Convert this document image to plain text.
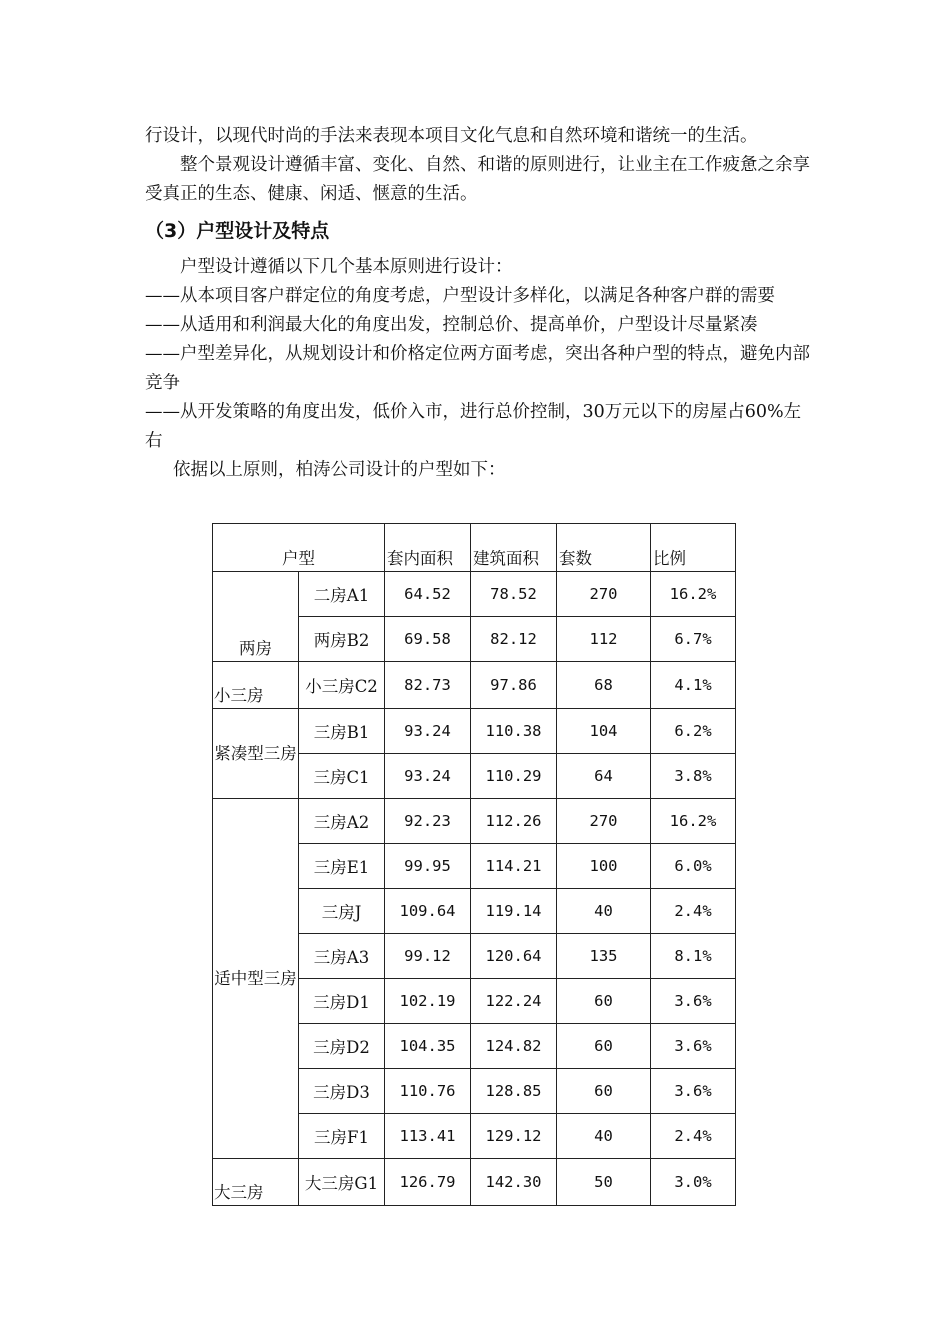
行设计，以现代时尚的手法来表现本项目文化气息和自然环境和谐统一的生活。

整个景观设计遵循丰富、变化、自然、和谐的原则进行，让业主在工作疲惫之余享受真正的生态、健康、闲适、惬意的生活。

（3）户型设计及特点

户型设计遵循以下几个基本原则进行设计：

——从本项目客户群定位的角度考虑，户型设计多样化，以满足各种客户群的需要

——从适用和利润最大化的角度出发，控制总价、提高单价，户型设计尽量紧凑

——户型差异化，从规划设计和价格定位两方面考虑，突出各种户型的特点，避免内部竞争

——从开发策略的角度出发，低价入市，进行总价控制，30万元以下的房屋占60%左右

依据以上原则，柏涛公司设计的户型如下：

户型		套内面积	建筑面积	套数	比例
两房	二房A1	64.52	78.52	270	16.2%
	两房B2	69.58	82.12	112	6.7%
小三房	小三房C2	82.73	97.86	68	4.1%
紧凑型三房	三房B1	93.24	110.38	104	6.2%
	三房C1	93.24	110.29	64	3.8%
适中型三房	三房A2	92.23	112.26	270	16.2%
	三房E1	99.95	114.21	100	6.0%
	三房J	109.64	119.14	40	2.4%
	三房A3	99.12	120.64	135	8.1%
	三房D1	102.19	122.24	60	3.6%
	三房D2	104.35	124.82	60	3.6%
	三房D3	110.76	128.85	60	3.6%
	三房F1	113.41	129.12	40	2.4%
大三房	大三房G1	126.79	142.30	50	3.0%
